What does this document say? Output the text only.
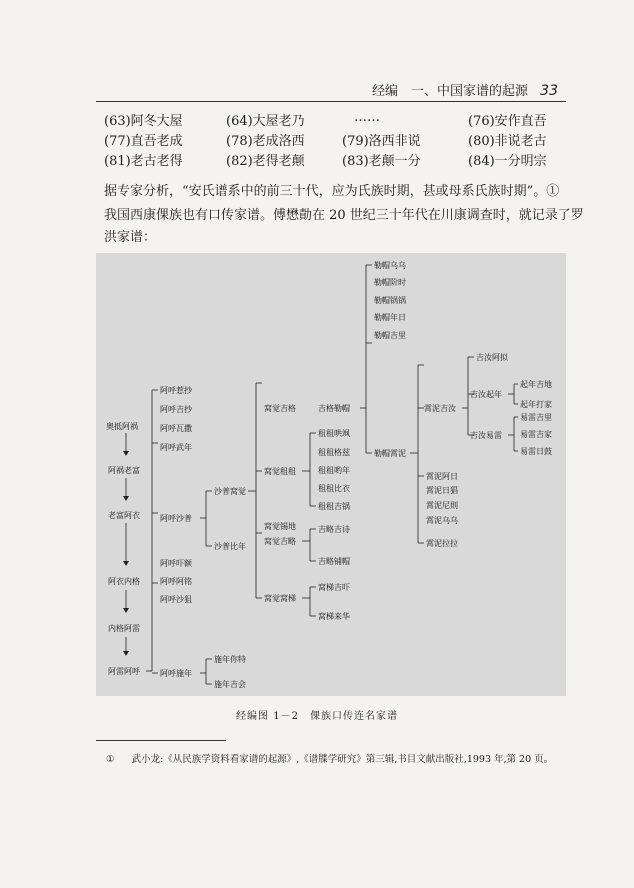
经编　一、中国家谱的起源 33
(63)阿冬大屋	(64)大屋老乃	……	(76)安作直吾
(77)直吾老成	(78)老成洛西	(79)洛西非说	(80)非说老古
(81)老古老得	(82)老得老颠	(83)老颠一分	(84)一分明宗
据专家分析，“安氏谱系中的前三十代，应为氏族时期，甚或母系氏族时期”。①
我国西康倮族也有口传家谱。傅懋勣在 20 世纪三十年代在川康调查时，就记录了罗
洪家谱：
奥抵阿祸
阿祸老富
老富阿衣
阿衣内格
内格阿雷
阿雷阿呼
阿呼惹抄
阿呼吉抄
阿呼瓦撒
阿呼武年
阿呼沙普
阿呼吓额
阿呼阿铭
阿呼沙狙
阿呼施年
沙普窝觉
沙普比年
施年你特
施年吉会
窝觉吉格
窝觉租租
窝觉锡地
窝觉吉略
窝觉窝梯
吉格勒帽
租租哄飒
租租格兹
租租哟年
租租比衣
租租吉锅
吉略吉诗
吉略铺帽
窝梯吉吓
窝梯来华
勒帽乌乌
勒帽阶时
勒帽锅锅
勒帽年日
勒帽吉里
勒帽霄泥
霄泥吉汝
霄泥阿日
霄泥日猖
霄泥尼則
霄泥乌乌
霄泥拉拉
吉汝阿拟
吉汝起年
吉汝易雷
起年吉地
起年打家
易雷吉里
易雷吉家
易雷日鼓
经编图 1－2　倮族口传连名家谱
① 武小龙:《从民族学资料看家谱的起源》,《谱牒学研究》第三辑,书目文献出版社,1993 年,第 20 页。
